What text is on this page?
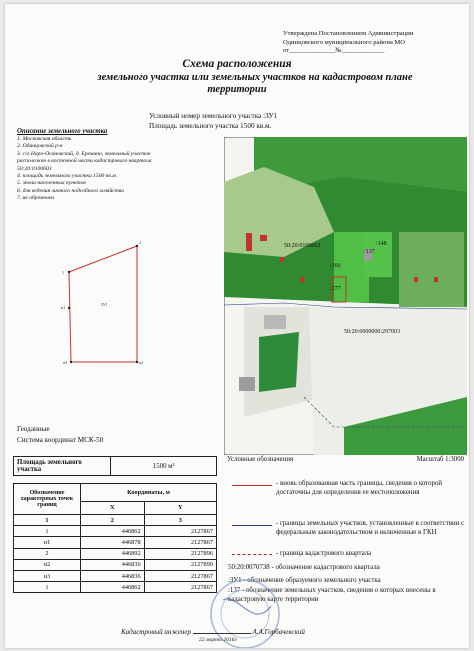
Утверждена Постановлением Администрации
Одинцовского муниципального района МО
от______________№_____________
Схема расположения
земельного участка или земельных участков на кадастровом плане
территории
Условный номер земельного участка :ЗУ1
Площадь земельного участка 1500 кв.м.
Описание земельного участка
1. Московская область
2. Одинцовский р-н
3. с/о Наро-Осановский, д. Еремино, земельный участок
расположен в восточной части кадастрового квартала
50:20:0100603
4. площадь земельного участка 1500 кв.м.
5. земли населенных пунктов
6. для ведения личного подсобного хозяйства
7. не обременен
ЗУ1
2
1
н1
н2
н3
50:20:0100603
50:20:0000000:297003
:137
:148
:166
:177
Геоданные
Система координат МСК-50
Площадь земельного
участка	1500 м²
Обозначение характерных точек границ	Координаты, м	
	X	Y
1	2	3
1	446862	2127867
н1	446878	2127867
2	446892	2127896
н2	446836	2127899
н3	446836	2127867
1	446862	2127867
Условные обозначения	Масштаб 1:3000
- вновь образованная часть границы, сведения о которой достаточны для определения ее местоположения
- границы земельных участков, установленные в соответствии с федеральным законодательством и включенные в ГКН
- граница кадастрового квартала
50:20:0070738 - обозначение кадастрового квартала
:ЗУ1 - обозначение образуемого земельного участка
:137 - обозначение земельных участков, сведения о которых внесены в кадастровую карте территории
Кадастровый инженер	А.А.Горбачевский
22 марта 2016г
